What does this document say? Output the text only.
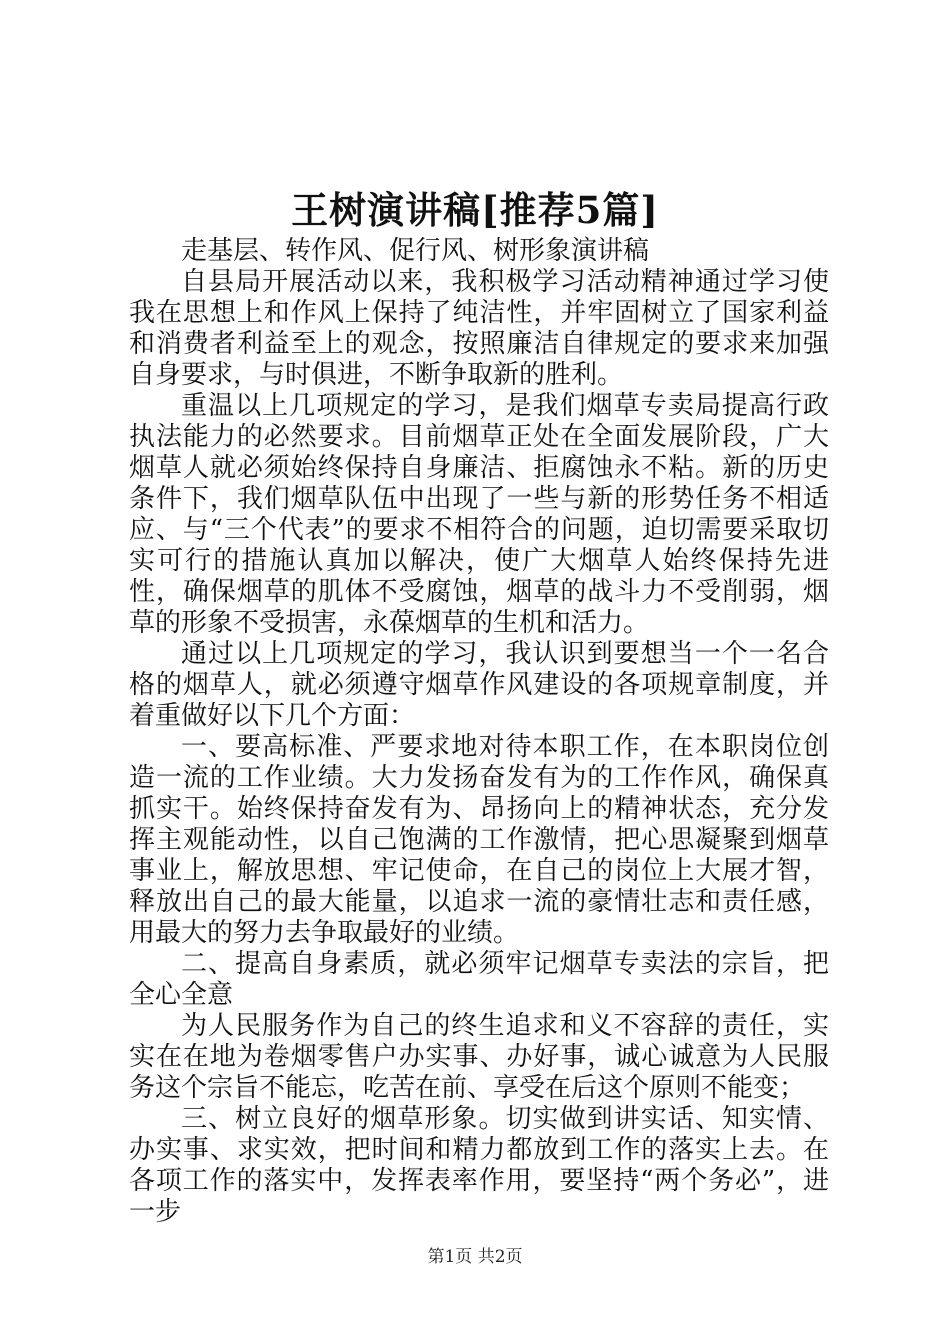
王树演讲稿[推荐5篇]

走基层、转作风、促行风、树形象演讲稿

自县局开展活动以来，我积极学习活动精神通过学习使我在思想上和作风上保持了纯洁性，并牢固树立了国家利益和消费者利益至上的观念，按照廉洁自律规定的要求来加强自身要求，与时俱进，不断争取新的胜利。

重温以上几项规定的学习，是我们烟草专卖局提高行政执法能力的必然要求。目前烟草正处在全面发展阶段，广大烟草人就必须始终保持自身廉洁、拒腐蚀永不粘。新的历史条件下，我们烟草队伍中出现了一些与新的形势任务不相适应、与“三个代表”的要求不相符合的问题，迫切需要采取切实可行的措施认真加以解决，使广大烟草人始终保持先进性，确保烟草的肌体不受腐蚀，烟草的战斗力不受削弱，烟草的形象不受损害，永葆烟草的生机和活力。

通过以上几项规定的学习，我认识到要想当一个一名合格的烟草人，就必须遵守烟草作风建设的各项规章制度，并着重做好以下几个方面：

一、要高标准、严要求地对待本职工作，在本职岗位创造一流的工作业绩。大力发扬奋发有为的工作作风，确保真抓实干。始终保持奋发有为、昂扬向上的精神状态，充分发挥主观能动性，以自己饱满的工作激情，把心思凝聚到烟草事业上，解放思想、牢记使命，在自己的岗位上大展才智，释放出自己的最大能量，以追求一流的豪情壮志和责任感，用最大的努力去争取最好的业绩。

二、提高自身素质，就必须牢记烟草专卖法的宗旨，把全心全意

为人民服务作为自己的终生追求和义不容辞的责任，实实在在地为卷烟零售户办实事、办好事，诚心诚意为人民服务这个宗旨不能忘，吃苦在前、享受在后这个原则不能变；

三、树立良好的烟草形象。切实做到讲实话、知实情、办实事、求实效，把时间和精力都放到工作的落实上去。在各项工作的落实中，发挥表率作用，要坚持“两个务必”，进一步

第1页 共2页
